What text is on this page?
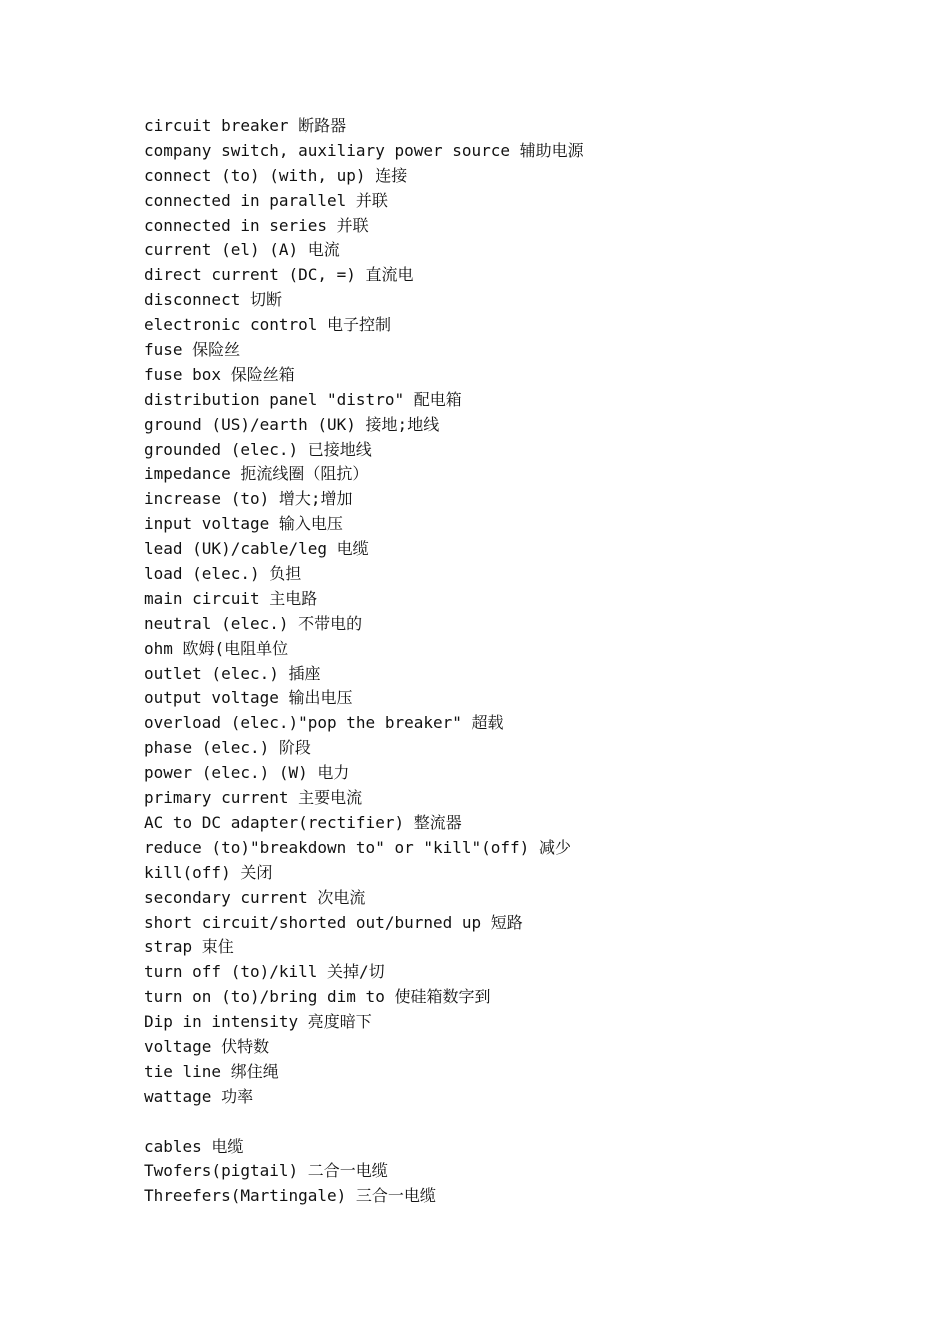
circuit breaker 断路器
company switch, auxiliary power source 辅助电源
connect (to) (with, up) 连接
connected in parallel 并联
connected in series 并联
current (el) (A) 电流
direct current (DC, =) 直流电
disconnect 切断
electronic control 电子控制
fuse 保险丝
fuse box 保险丝箱
distribution panel "distro" 配电箱
ground (US)/earth (UK) 接地;地线
grounded (elec.) 已接地线
impedance 扼流线圈（阻抗）
increase (to) 增大;增加
input voltage 输入电压
lead (UK)/cable/leg 电缆
load (elec.) 负担
main circuit 主电路
neutral (elec.) 不带电的
ohm 欧姆(电阻单位
outlet (elec.) 插座
output voltage 输出电压
overload (elec.)"pop the breaker" 超载
phase (elec.) 阶段
power (elec.) (W) 电力
primary current 主要电流
AC to DC adapter(rectifier) 整流器
reduce (to)"breakdown to" or "kill"(off) 减少
kill(off) 关闭
secondary current 次电流
short circuit/shorted out/burned up 短路
strap 束住
turn off (to)/kill 关掉/切
turn on (to)/bring dim to 使硅箱数字到
Dip in intensity 亮度暗下
voltage 伏特数
tie line 绑住绳
wattage 功率
cables 电缆
Twofers(pigtail) 二合一电缆
Threefers(Martingale) 三合一电缆
